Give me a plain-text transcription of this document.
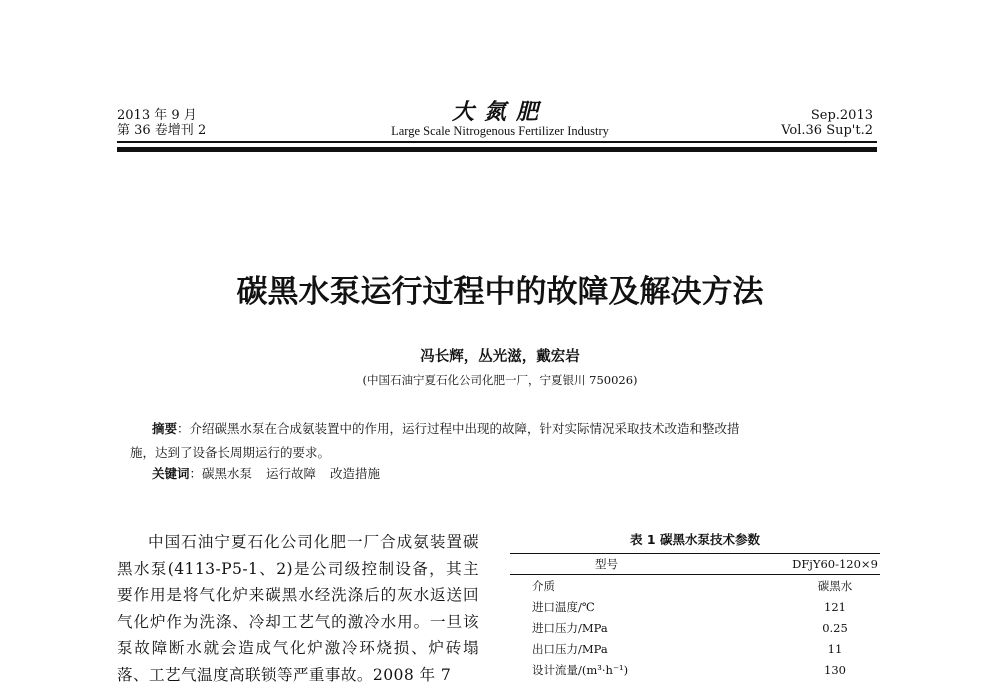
2013 年 9 月
第 36 卷增刊 2
大氮肥
Large Scale Nitrogenous Fertilizer Industry
Sep.2013
Vol.36 Sup't.2
碳黑水泵运行过程中的故障及解决方法
冯长辉，丛光滋，戴宏岩
(中国石油宁夏石化公司化肥一厂，宁夏银川 750026)
摘要：介绍碳黑水泵在合成氨装置中的作用，运行过程中出现的故障，针对实际情况采取技术改造和整改措
施，达到了设备长周期运行的要求。
关键词：碳黑水泵 运行故障 改造措施

中国石油宁夏石化公司化肥一厂合成氨装置碳黑水泵(4113-P5-1、2)是公司级控制设备，其主要作用是将气化炉来碳黑水经洗涤后的灰水返送回气化炉作为洗涤、冷却工艺气的激冷水用。一旦该泵故障断水就会造成气化炉激冷环烧损、炉砖塌落、工艺气温度高联锁等严重事故。2008 年 7

表 1 碳黑水泵技术参数
型号	DFjY60-120×9
介质	碳黑水
进口温度/℃	121
进口压力/MPa	0.25
出口压力/MPa	11
设计流量/(m³·h⁻¹)	130
